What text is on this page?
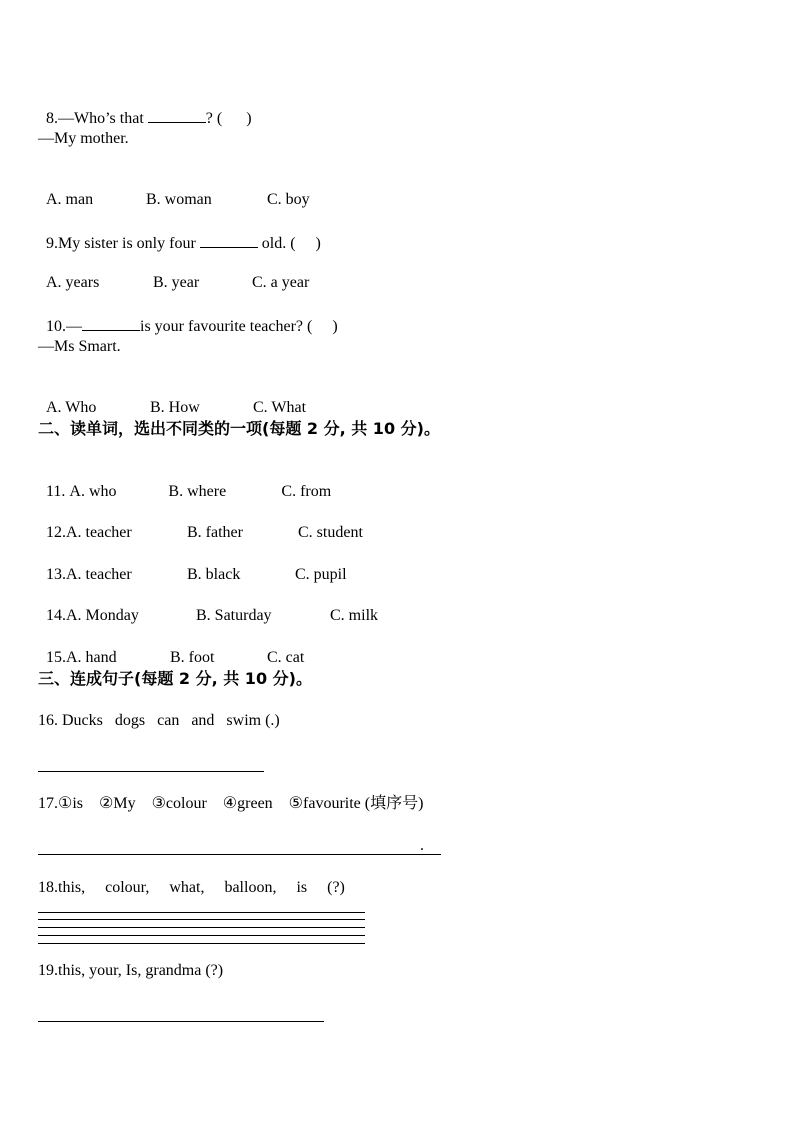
8.—Who’s that	? (      )

—My mother.

A. man	B. woman	C. boy

9.My sister is only four	old. (     )

A. years	B. year	C. a year

10.—	is your favourite teacher? (     )

—Ms Smart.

A. Who	B. How	C. What

二、读单词，选出不同类的一项(每题 2 分, 共 10 分)。

11. A. who	B. where	C. from

12.A. teacher	B. father	C. student

13.A. teacher	B. black	C. pupil

14.A. Monday	B. Saturday	C. milk

15.A. hand	B. foot	C. cat

三、连成句子(每题 2 分, 共 10 分)。
16. Ducks   dogs   can   and   swim (.)
17.①is    ②My    ③colour    ④green    ⑤favourite (填序号)
.
18.this,     colour,     what,     balloon,     is     (?)
19.this, your, Is, grandma (?)
